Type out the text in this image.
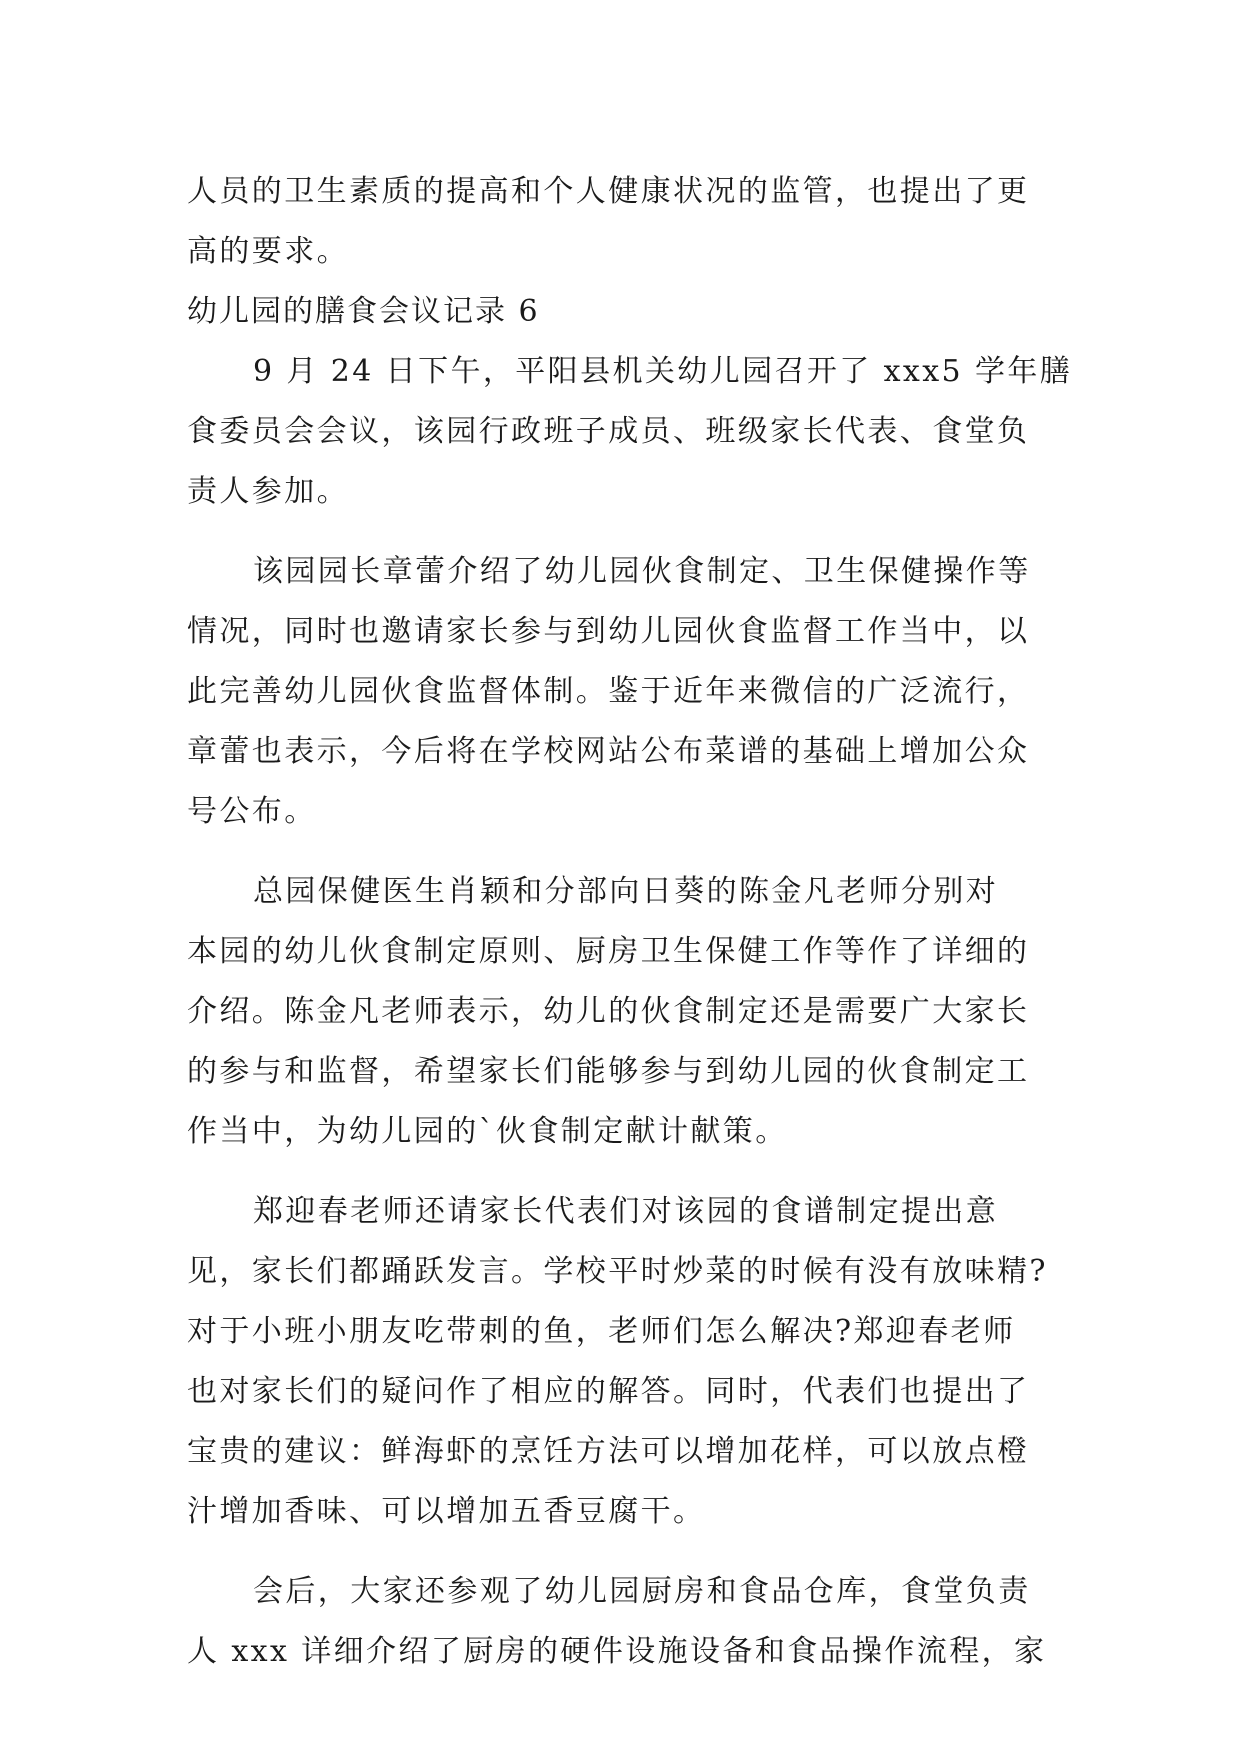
人员的卫生素质的提高和个人健康状况的监管，也提出了更
高的要求。
幼儿园的膳食会议记录 6
9 月 24 日下午，平阳县机关幼儿园召开了 xxx5 学年膳
食委员会会议，该园行政班子成员、班级家长代表、食堂负
责人参加。
该园园长章蕾介绍了幼儿园伙食制定、卫生保健操作等
情况，同时也邀请家长参与到幼儿园伙食监督工作当中，以
此完善幼儿园伙食监督体制。鉴于近年来微信的广泛流行，
章蕾也表示，今后将在学校网站公布菜谱的基础上增加公众
号公布。
总园保健医生肖颖和分部向日葵的陈金凡老师分别对
本园的幼儿伙食制定原则、厨房卫生保健工作等作了详细的
介绍。陈金凡老师表示，幼儿的伙食制定还是需要广大家长
的参与和监督，希望家长们能够参与到幼儿园的伙食制定工
作当中，为幼儿园的`伙食制定献计献策。
郑迎春老师还请家长代表们对该园的食谱制定提出意
见，家长们都踊跃发言。学校平时炒菜的时候有没有放味精?
对于小班小朋友吃带刺的鱼，老师们怎么解决?郑迎春老师
也对家长们的疑问作了相应的解答。同时，代表们也提出了
宝贵的建议：鲜海虾的烹饪方法可以增加花样，可以放点橙
汁增加香味、可以增加五香豆腐干。
会后，大家还参观了幼儿园厨房和食品仓库，食堂负责
人 xxx 详细介绍了厨房的硬件设施设备和食品操作流程，家
